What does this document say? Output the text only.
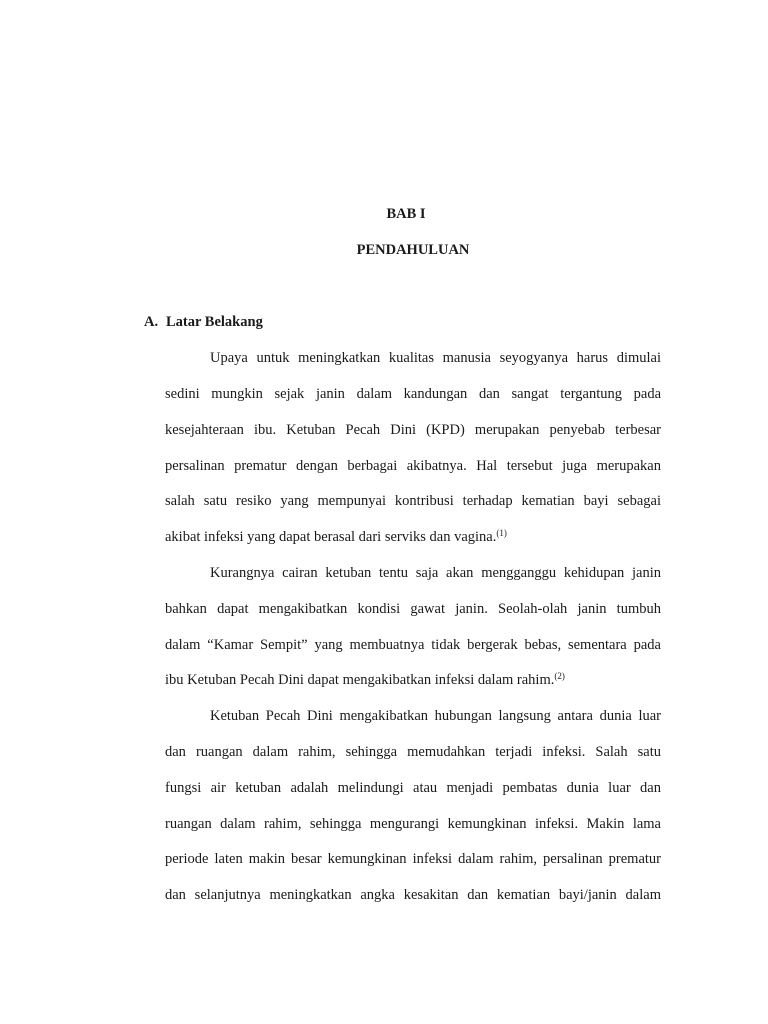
BAB I
PENDAHULUAN
A. Latar Belakang
Upaya untuk meningkatkan kualitas manusia seyogyanya harus dimulai
sedini mungkin sejak janin dalam kandungan dan sangat tergantung pada
kesejahteraan ibu. Ketuban Pecah Dini (KPD) merupakan penyebab terbesar
persalinan prematur dengan berbagai akibatnya. Hal tersebut juga merupakan
salah satu resiko yang mempunyai kontribusi terhadap kematian bayi sebagai
akibat infeksi yang dapat berasal dari serviks dan vagina.$^{(1)}$
Kurangnya cairan ketuban tentu saja akan mengganggu kehidupan janin
bahkan dapat mengakibatkan kondisi gawat janin. Seolah-olah janin tumbuh
dalam “Kamar Sempit” yang membuatnya tidak bergerak bebas, sementara pada
ibu Ketuban Pecah Dini dapat mengakibatkan infeksi dalam rahim.$^{(2)}$
Ketuban Pecah Dini mengakibatkan hubungan langsung antara dunia luar
dan ruangan dalam rahim, sehingga memudahkan terjadi infeksi. Salah satu
fungsi air ketuban adalah melindungi atau menjadi pembatas dunia luar dan
ruangan dalam rahim, sehingga mengurangi kemungkinan infeksi. Makin lama
periode laten makin besar kemungkinan infeksi dalam rahim, persalinan prematur
dan selanjutnya meningkatkan angka kesakitan dan kematian bayi/janin dalam
